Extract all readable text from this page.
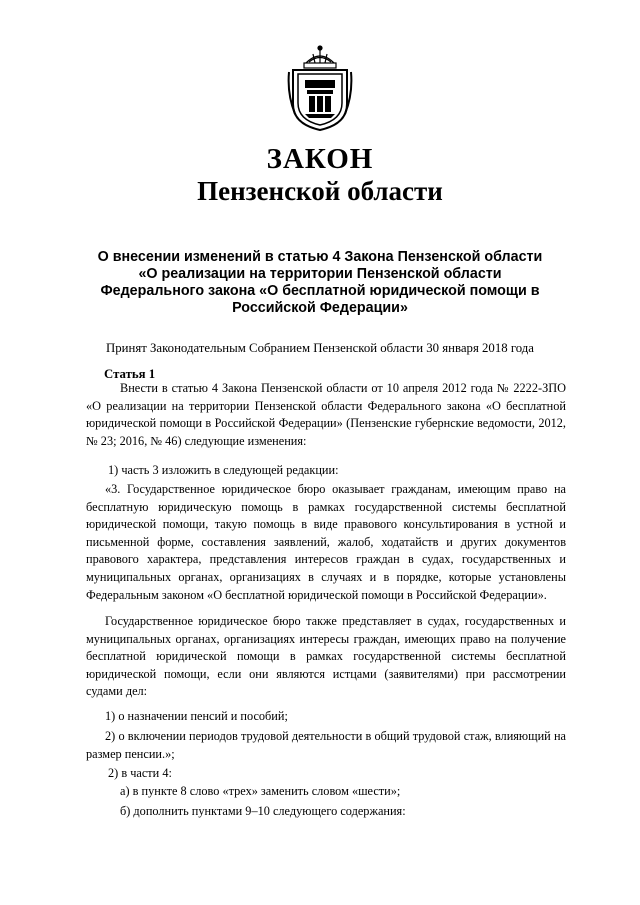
ЗАКОН
Пензенской области
О внесении изменений в статью 4 Закона Пензенской области
«О реализации на территории Пензенской области
Федерального закона «О бесплатной юридической помощи в
Российской Федерации»
Принят Законодательным Собранием Пензенской области 30 января 2018 года
Статья 1
Внести в статью 4 Закона Пензенской области от 10 апреля 2012 года № 2222-ЗПО «О реализации на территории Пензенской области Федерального закона «О бесплатной юридической помощи в Российской Федерации» (Пензенские губернские ведомости, 2012, № 23; 2016, № 46) следующие изменения:
1) часть 3 изложить в следующей редакции:
«3. Государственное юридическое бюро оказывает гражданам, имеющим право на бесплатную юридическую помощь в рамках государственной системы бесплатной юридической помощи, такую помощь в виде правового консультирования в устной и письменной форме, составления заявлений, жалоб, ходатайств и других документов правового характера, представления интересов граждан в судах, государственных и муниципальных органах, организациях в случаях и в порядке, которые установлены Федеральным законом «О бесплатной юридической помощи в Российской Федерации».
Государственное юридическое бюро также представляет в судах, государственных и муниципальных органах, организациях интересы граждан, имеющих право на получение бесплатной юридической помощи в рамках государственной системы бесплатной юридической помощи, если они являются истцами (заявителями) при рассмотрении судами дел:
1) о назначении пенсий и пособий;
2) о включении периодов трудовой деятельности в общий трудовой стаж, влияющий на размер пенсии.»;
2) в части 4:
а) в пункте 8 слово «трех» заменить словом «шести»;
б) дополнить пунктами 9–10 следующего содержания:
